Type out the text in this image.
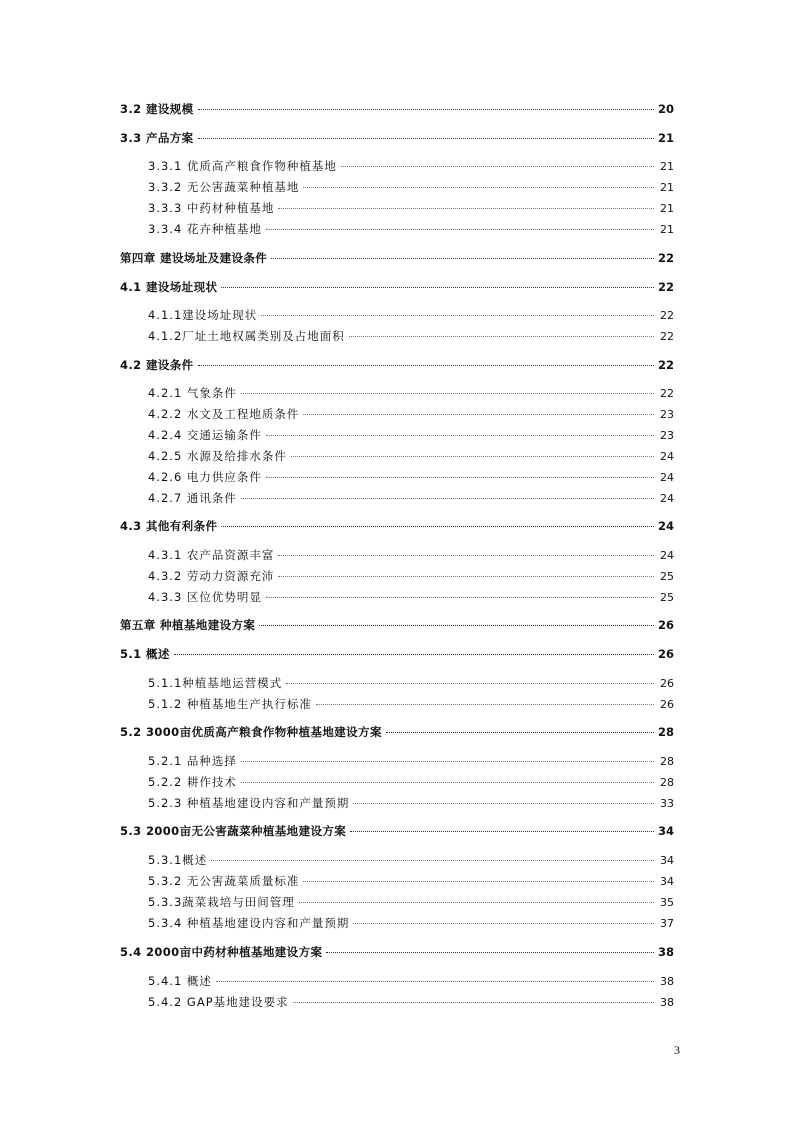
3.2 建设规模	20
3.3 产品方案	21
3.3.1 优质高产粮食作物种植基地	21
3.3.2 无公害蔬菜种植基地	21
3.3.3 中药材种植基地	21
3.3.4 花卉种植基地	21
第四章 建设场址及建设条件	22
4.1 建设场址现状	22
4.1.1建设场址现状	22
4.1.2厂址土地权属类别及占地面积	22
4.2 建设条件	22
4.2.1 气象条件	22
4.2.2 水文及工程地质条件	23
4.2.4 交通运输条件	23
4.2.5 水源及给排水条件	24
4.2.6 电力供应条件	24
4.2.7 通讯条件	24
4.3 其他有利条件	24
4.3.1 农产品资源丰富	24
4.3.2 劳动力资源充沛	25
4.3.3 区位优势明显	25
第五章 种植基地建设方案	26
5.1 概述	26
5.1.1种植基地运营模式	26
5.1.2 种植基地生产执行标准	26
5.2 3000亩优质高产粮食作物种植基地建设方案	28
5.2.1 品种选择	28
5.2.2 耕作技术	28
5.2.3 种植基地建设内容和产量预期	33
5.3 2000亩无公害蔬菜种植基地建设方案	34
5.3.1概述	34
5.3.2 无公害蔬菜质量标准	34
5.3.3蔬菜栽培与田间管理	35
5.3.4 种植基地建设内容和产量预期	37
5.4 2000亩中药材种植基地建设方案	38
5.4.1 概述	38
5.4.2 GAP基地建设要求	38
3
